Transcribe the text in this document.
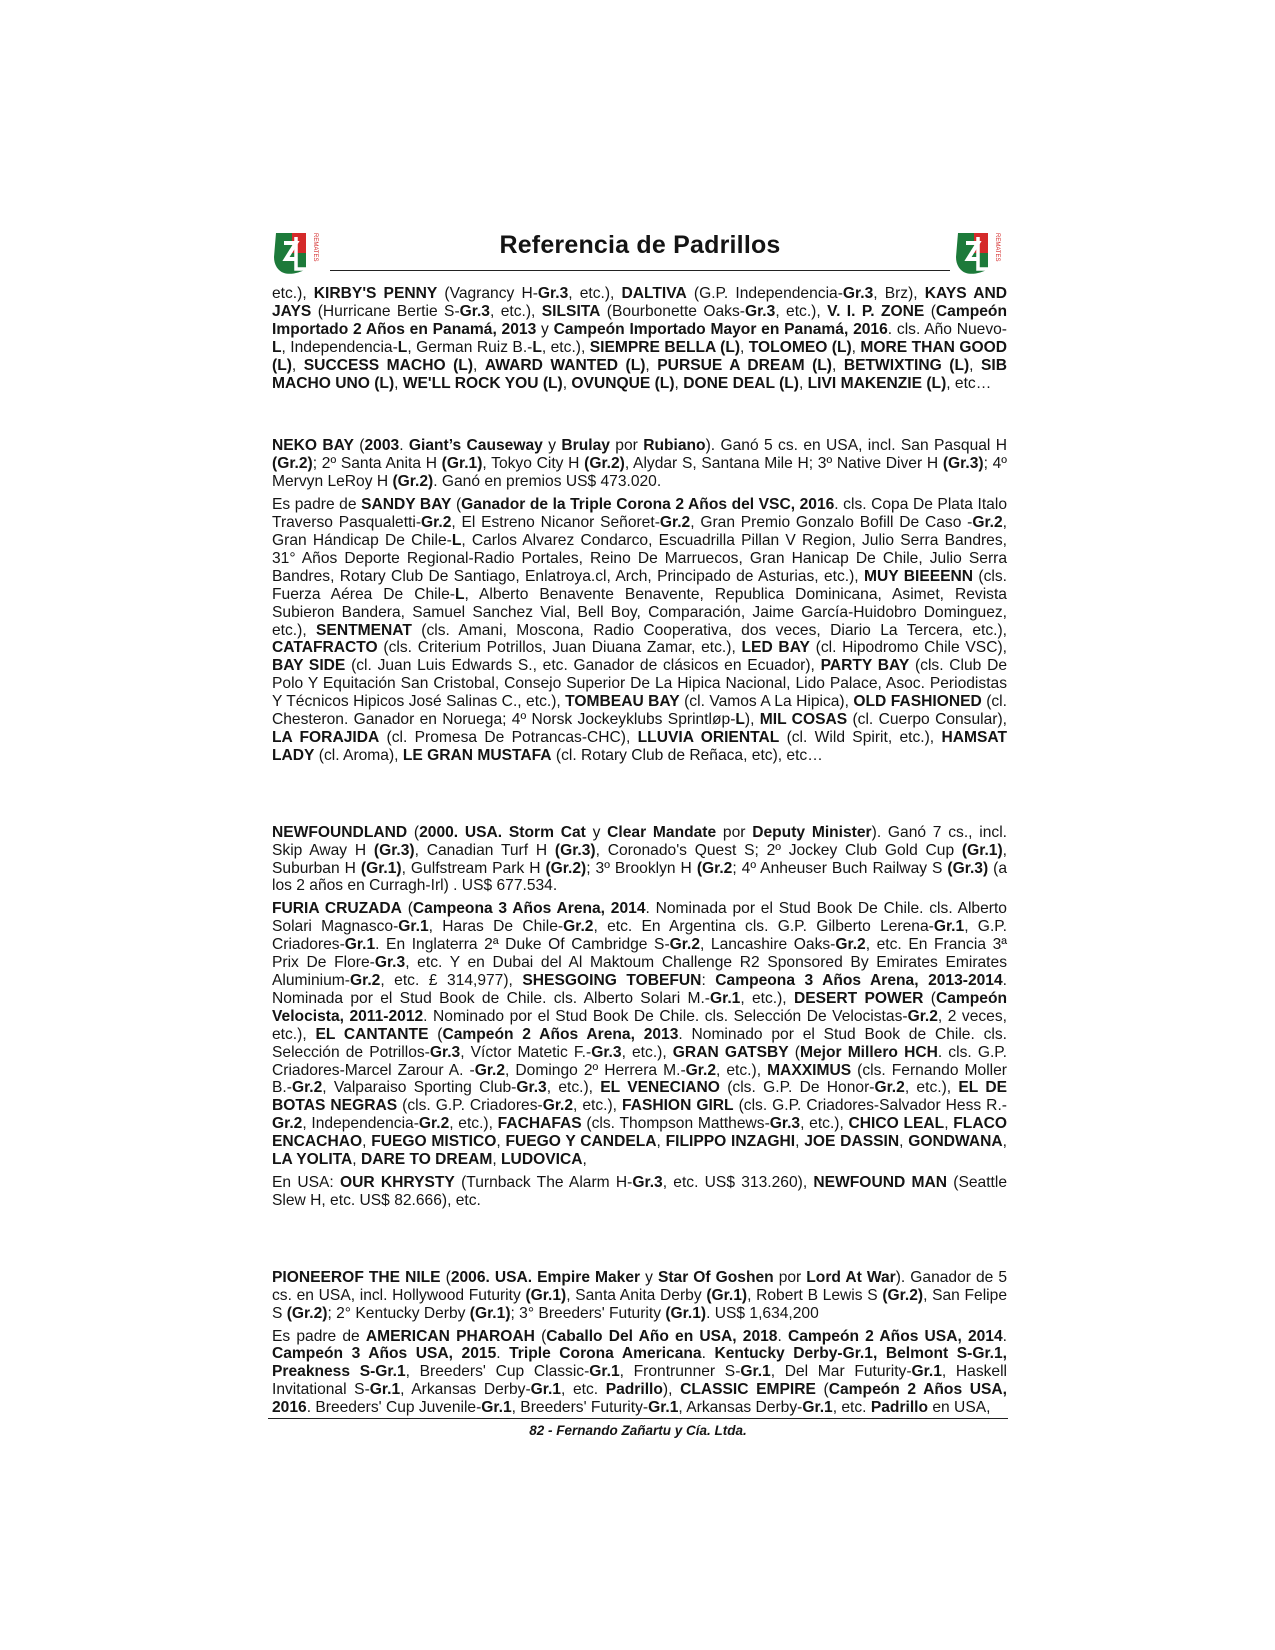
REMATES	Referencia de Padrillos	REMATES

etc.), KIRBY'S PENNY (Vagrancy H-Gr.3, etc.), DALTIVA (G.P. Independencia-Gr.3, Brz), KAYS AND JAYS (Hurricane Bertie S-Gr.3, etc.), SILSITA (Bourbonette Oaks-Gr.3, etc.), V. I. P. ZONE (Campeón Importado 2 Años en Panamá, 2013 y Campeón Importado Mayor en Panamá, 2016. cls. Año Nuevo-L, Independencia-L, German Ruiz B.-L, etc.), SIEMPRE BELLA (L), TOLOMEO (L), MORE THAN GOOD (L), SUCCESS MACHO (L), AWARD WANTED (L), PURSUE A DREAM (L), BETWIXTING (L), SIB MACHO UNO (L), WE'LL ROCK YOU (L), OVUNQUE (L), DONE DEAL (L), LIVI MAKENZIE (L), etc…

NEKO BAY (2003. Giant’s Causeway y Brulay por Rubiano). Ganó 5 cs. en USA, incl. San Pasqual H (Gr.2); 2º Santa Anita H (Gr.1), Tokyo City H (Gr.2), Alydar S, Santana Mile H; 3º Native Diver H (Gr.3); 4º Mervyn LeRoy H (Gr.2). Ganó en premios US$ 473.020.

Es padre de SANDY BAY (Ganador de la Triple Corona 2 Años del VSC, 2016. cls. Copa De Plata Italo Traverso Pasqualetti-Gr.2, El Estreno Nicanor Señoret-Gr.2, Gran Premio Gonzalo Bofill De Caso -Gr.2, Gran Hándicap De Chile-L, Carlos Alvarez Condarco, Escuadrilla Pillan V Region, Julio Serra Bandres, 31° Años Deporte Regional-Radio Portales, Reino De Marruecos, Gran Hanicap De Chile, Julio Serra Bandres, Rotary Club De Santiago, Enlatroya.cl, Arch, Principado de Asturias, etc.), MUY BIEEENN (cls. Fuerza Aérea De Chile-L, Alberto Benavente Benavente, Republica Dominicana, Asimet, Revista Subieron Bandera, Samuel Sanchez Vial, Bell Boy, Comparación, Jaime García-Huidobro Dominguez, etc.), SENTMENAT (cls. Amani, Moscona, Radio Cooperativa, dos veces, Diario La Tercera, etc.), CATAFRACTO (cls. Criterium Potrillos, Juan Diuana Zamar, etc.), LED BAY (cl. Hipodromo Chile VSC), BAY SIDE (cl. Juan Luis Edwards S., etc. Ganador de clásicos en Ecuador), PARTY BAY (cls. Club De Polo Y Equitación San Cristobal, Consejo Superior De La Hipica Nacional, Lido Palace, Asoc. Periodistas Y Técnicos Hipicos José Salinas C., etc.), TOMBEAU BAY (cl. Vamos A La Hipica), OLD FASHIONED (cl. Chesteron. Ganador en Noruega; 4º Norsk Jockeyklubs Sprintløp-L), MIL COSAS (cl. Cuerpo Consular), LA FORAJIDA (cl. Promesa De Potrancas-CHC), LLUVIA ORIENTAL (cl. Wild Spirit, etc.), HAMSAT LADY (cl. Aroma), LE GRAN MUSTAFA (cl. Rotary Club de Reñaca, etc), etc…

NEWFOUNDLAND (2000. USA. Storm Cat y Clear Mandate por Deputy Minister). Ganó 7 cs., incl. Skip Away H (Gr.3), Canadian Turf H (Gr.3), Coronado's Quest S; 2º Jockey Club Gold Cup (Gr.1), Suburban H (Gr.1), Gulfstream Park H (Gr.2); 3º Brooklyn H (Gr.2; 4º Anheuser Buch Railway S (Gr.3) (a los 2 años en Curragh-Irl) . US$ 677.534.

FURIA CRUZADA (Campeona 3 Años Arena, 2014. Nominada por el Stud Book De Chile. cls. Alberto Solari Magnasco-Gr.1, Haras De Chile-Gr.2, etc. En Argentina cls. G.P. Gilberto Lerena-Gr.1, G.P. Criadores-Gr.1. En Inglaterra 2ª Duke Of Cambridge S-Gr.2, Lancashire Oaks-Gr.2, etc. En Francia 3ª Prix De Flore-Gr.3, etc. Y en Dubai del Al Maktoum Challenge R2 Sponsored By Emirates Emirates Aluminium-Gr.2, etc. £ 314,977), SHESGOING TOBEFUN: Campeona 3 Años Arena, 2013-2014. Nominada por el Stud Book de Chile. cls. Alberto Solari M.-Gr.1, etc.), DESERT POWER (Campeón Velocista, 2011-2012. Nominado por el Stud Book De Chile. cls. Selección De Velocistas-Gr.2, 2 veces, etc.), EL CANTANTE (Campeón 2 Años Arena, 2013. Nominado por el Stud Book de Chile. cls. Selección de Potrillos-Gr.3, Víctor Matetic F.-Gr.3, etc.), GRAN GATSBY (Mejor Millero HCH. cls. G.P. Criadores-Marcel Zarour A. -Gr.2, Domingo 2º Herrera M.-Gr.2, etc.), MAXXIMUS (cls. Fernando Moller B.-Gr.2, Valparaiso Sporting Club-Gr.3, etc.), EL VENECIANO (cls. G.P. De Honor-Gr.2, etc.), EL DE BOTAS NEGRAS (cls. G.P. Criadores-Gr.2, etc.), FASHION GIRL (cls. G.P. Criadores-Salvador Hess R.-Gr.2, Independencia-Gr.2, etc.), FACHAFAS (cls. Thompson Matthews-Gr.3, etc.), CHICO LEAL, FLACO ENCACHAO, FUEGO MISTICO, FUEGO Y CANDELA, FILIPPO INZAGHI, JOE DASSIN, GONDWANA, LA YOLITA, DARE TO DREAM, LUDOVICA,

En USA: OUR KHRYSTY (Turnback The Alarm H-Gr.3, etc. US$ 313.260), NEWFOUND MAN (Seattle Slew H, etc. US$ 82.666), etc.

PIONEEROF THE NILE (2006. USA. Empire Maker y Star Of Goshen por Lord At War). Ganador de 5 cs. en USA, incl. Hollywood Futurity (Gr.1), Santa Anita Derby (Gr.1), Robert B Lewis S (Gr.2), San Felipe S (Gr.2); 2° Kentucky Derby (Gr.1); 3° Breeders' Futurity (Gr.1). US$ 1,634,200

Es padre de AMERICAN PHAROAH (Caballo Del Año en USA, 2018. Campeón 2 Años USA, 2014. Campeón 3 Años USA, 2015. Triple Corona Americana. Kentucky Derby-Gr.1, Belmont S-Gr.1, Preakness S-Gr.1, Breeders' Cup Classic-Gr.1, Frontrunner S-Gr.1, Del Mar Futurity-Gr.1, Haskell Invitational S-Gr.1, Arkansas Derby-Gr.1, etc. Padrillo), CLASSIC EMPIRE (Campeón 2 Años USA, 2016. Breeders' Cup Juvenile-Gr.1, Breeders' Futurity-Gr.1, Arkansas Derby-Gr.1, etc. Padrillo en USA,

82 - Fernando Zañartu y Cía. Ltda.
